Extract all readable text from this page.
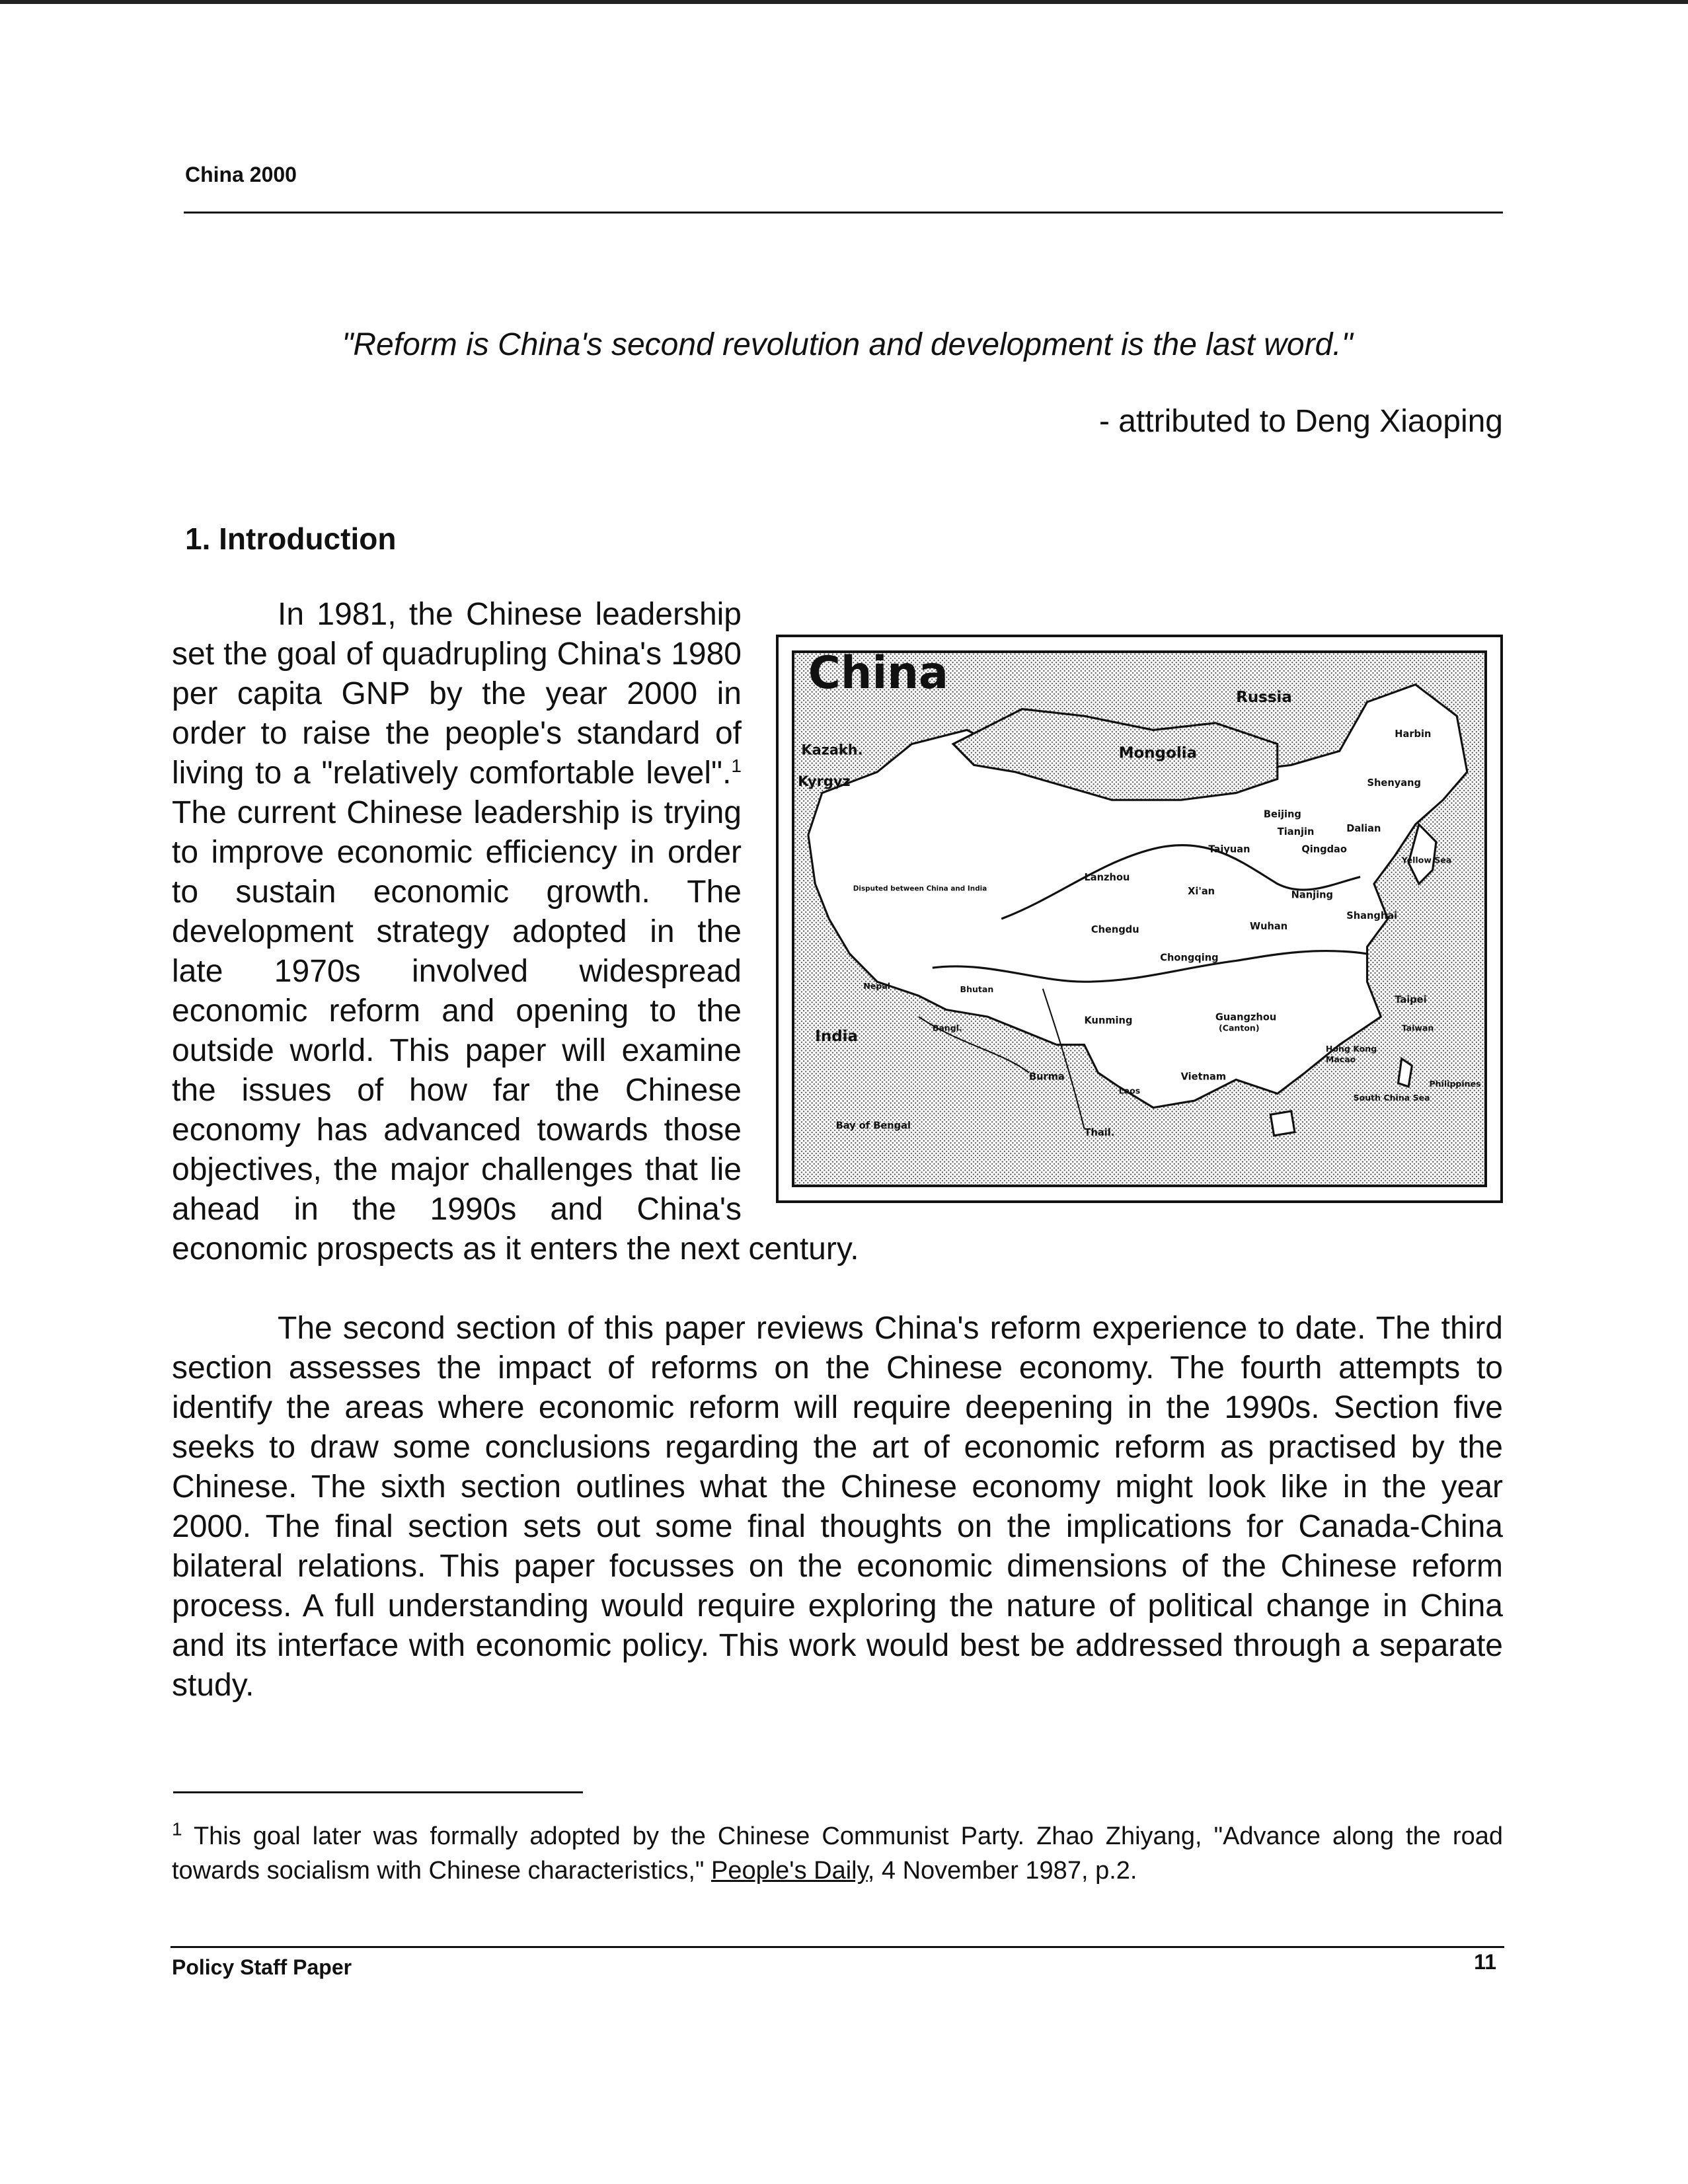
China 2000
"Reform is China's second revolution and development is the last word."
- attributed to Deng Xiaoping
1. Introduction
China	Russia
Mongolia
Kazakh.
Kyrgyz
India
Harbin
Shenyang
Beijing
Tianjin	Dalian
Taiyuan	Qingdao
Lanzhou
Xi'an	Nanjing
Shanghai
Wuhan
Chengdu
Chongqing
Kunming	Guangzhou
(Canton)
Taipei
Taiwan
Hong Kong
Macao
Burma	Vietnam
Laos
Thail.
Philippines
South China Sea
Bay of Bengal
Nepal	Bhutan
Bangl.
Disputed between China and India
Yellow Sea

In 1981, the Chinese leadership set the goal of quadrupling China's 1980 per capita GNP by the year 2000 in order to raise the people's standard of living to a "relatively comfortable level".$^1$ The current Chinese leadership is trying to improve economic efficiency in order to sustain economic growth. The development strategy adopted in the late 1970s involved widespread economic reform and opening to the outside world. This paper will examine the issues of how far the Chinese economy has advanced towards those objectives, the major challenges that lie ahead in the 1990s and China's economic prospects as it enters the next century.

The second section of this paper reviews China's reform experience to date. The third section assesses the impact of reforms on the Chinese economy. The fourth attempts to identify the areas where economic reform will require deepening in the 1990s. Section five seeks to draw some conclusions regarding the art of economic reform as practised by the Chinese. The sixth section outlines what the Chinese economy might look like in the year 2000. The final section sets out some final thoughts on the implications for Canada-China bilateral relations. This paper focusses on the economic dimensions of the Chinese reform process. A full understanding would require exploring the nature of political change in China and its interface with economic policy. This work would best be addressed through a separate study.

$^1$ This goal later was formally adopted by the Chinese Communist Party. Zhao Zhiyang, "Advance along the road towards socialism with Chinese characteristics," People's Daily, 4 November 1987, p.2.
Policy Staff Paper	11
